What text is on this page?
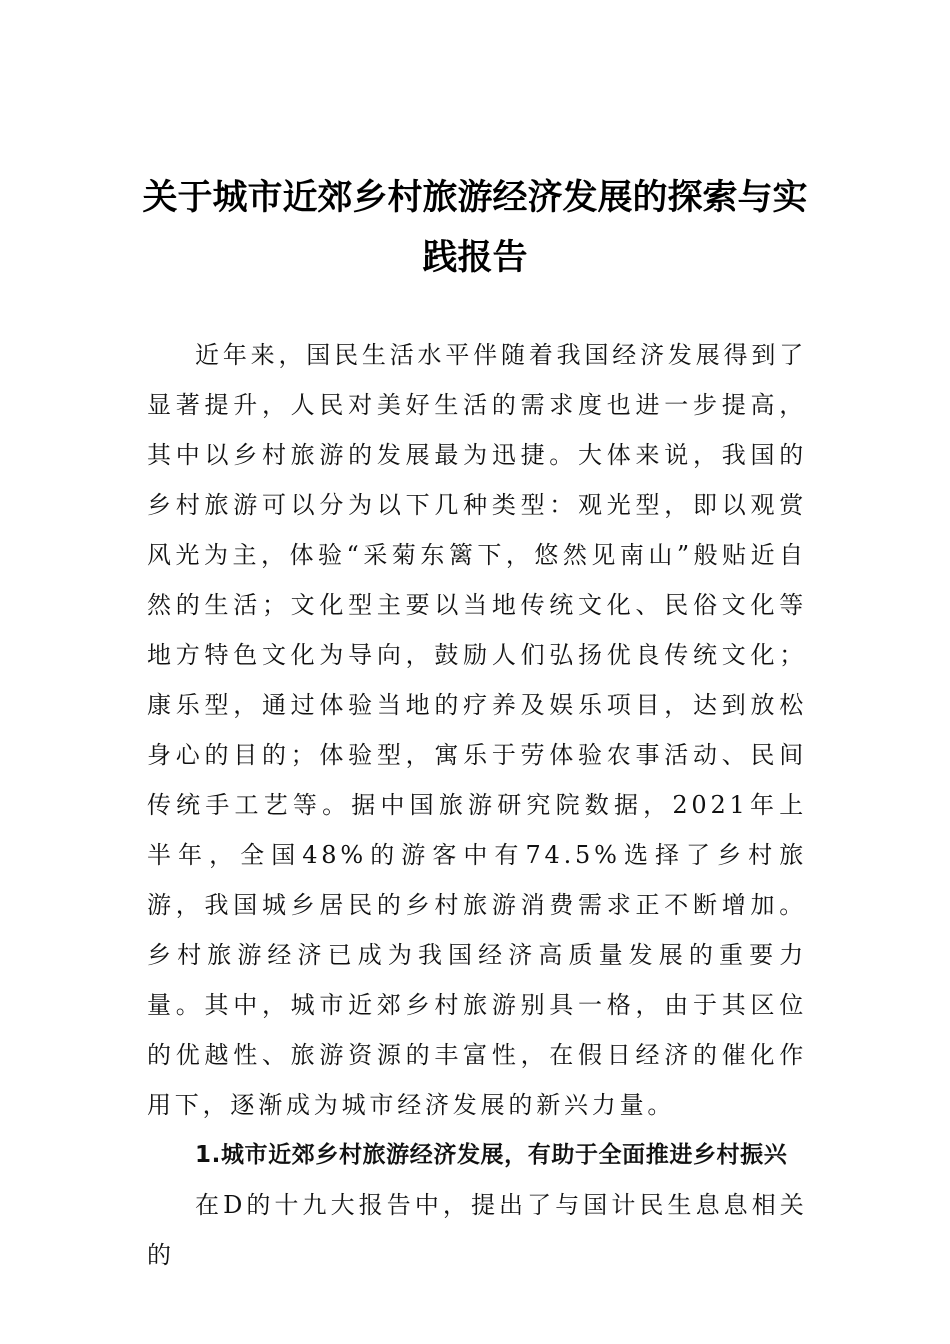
关于城市近郊乡村旅游经济发展的探索与实践报告

近年来，国民生活水平伴随着我国经济发展得到了显著提升，人民对美好生活的需求度也进一步提高，其中以乡村旅游的发展最为迅捷。大体来说，我国的乡村旅游可以分为以下几种类型：观光型，即以观赏风光为主，体验“采菊东篱下，悠然见南山”般贴近自然的生活；文化型主要以当地传统文化、民俗文化等地方特色文化为导向，鼓励人们弘扬优良传统文化；康乐型，通过体验当地的疗养及娱乐项目，达到放松身心的目的；体验型，寓乐于劳体验农事活动、民间传统手工艺等。据中国旅游研究院数据，2021年上半年，全国48%的游客中有74.5%选择了乡村旅游，我国城乡居民的乡村旅游消费需求正不断增加。乡村旅游经济已成为我国经济高质量发展的重要力量。其中，城市近郊乡村旅游别具一格，由于其区位的优越性、旅游资源的丰富性，在假日经济的催化作用下，逐渐成为城市经济发展的新兴力量。

1.城市近郊乡村旅游经济发展，有助于全面推进乡村振兴

在D的十九大报告中，提出了与国计民生息息相关的
